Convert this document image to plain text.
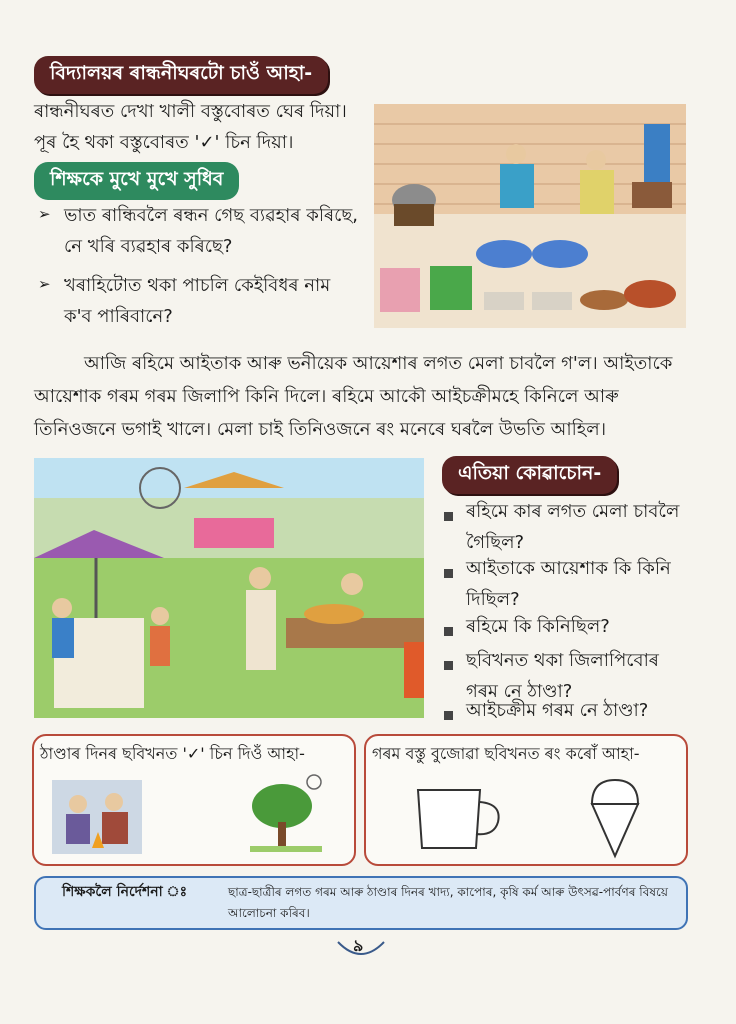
বিদ্যালয়ৰ ৰান্ধনীঘৰটো চাওঁ আহা-
ৰান্ধনীঘৰত দেখা খালী বস্তুবোৰত ঘেৰ দিয়া।
পূৰ হৈ থকা বস্তুবোৰত '✓' চিন দিয়া।
শিক্ষকে মুখে মুখে সুধিব
➢ ভাত ৰান্ধিবলৈ ৰন্ধন গেছ ব্যৱহাৰ কৰিছে,
নে খৰি ব্যৱহাৰ কৰিছে?
➢ খৰাহিটোত থকা পাচলি কেইবিধৰ নাম
ক'ব পাৰিবানে?
আজি ৰহিমে আইতাক আৰু ভনীয়েক আয়েশাৰ লগত মেলা চাবলৈ গ'ল। আইতাকে
আয়েশাক গৰম গৰম জিলাপি কিনি দিলে। ৰহিমে আকৌ আইচক্ৰীমহে কিনিলে আৰু
তিনিওজনে ভগাই খালে। মেলা চাই তিনিওজনে ৰং মনেৰে ঘৰলৈ উভতি আহিল।
এতিয়া কোৱাচোন-
ৰহিমে কাৰ লগত মেলা চাবলৈ
গৈছিল?
আইতাকে আয়েশাক কি কিনি
দিছিল?
ৰহিমে কি কিনিছিল?
ছবিখনত থকা জিলাপিবোৰ
গৰম নে ঠাণ্ডা?
আইচক্ৰীম গৰম নে ঠাণ্ডা?
ঠাণ্ডাৰ দিনৰ ছবিখনত '✓' চিন দিওঁ আহা-	গৰম বস্তু বুজোৱা ছবিখনত ৰং কৰোঁ আহা-
শিক্ষকলৈ নিৰ্দেশনা ঃ	ছাত্ৰ-ছাত্ৰীৰ লগত গৰম আৰু ঠাণ্ডাৰ দিনৰ খাদ্য, কাপোৰ, কৃষি কৰ্ম আৰু উৎসৱ-পাৰ্বণৰ বিষয়ে
আলোচনা কৰিব।
৯
